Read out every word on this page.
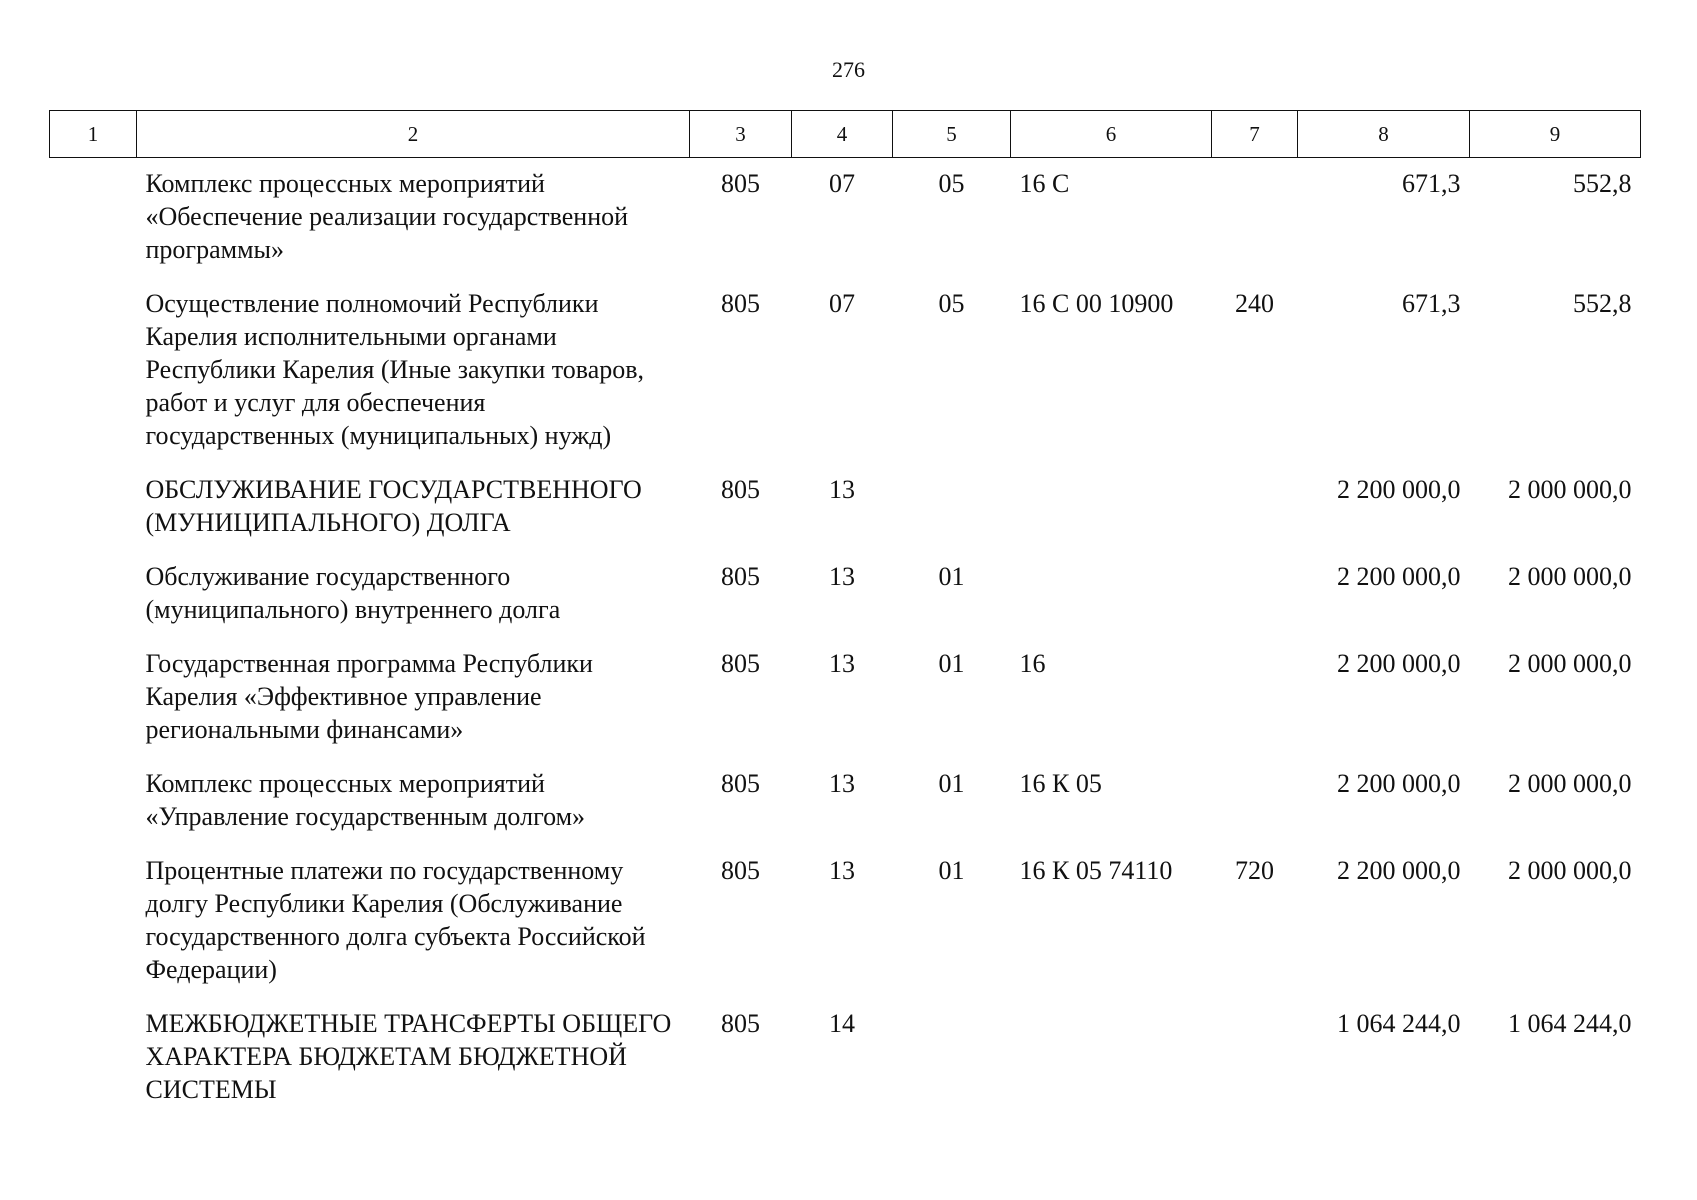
276
1	2	3	4	5	6	7	8	9
	Комплекс процессных мероприятий «Обеспечение реализации государственной программы»	805	07	05	16 С		671,3	552,8
	Осуществление полномочий Республики Карелия исполнительными органами Республики Карелия (Иные закупки товаров, работ и услуг для обеспечения государственных (муниципальных) нужд)	805	07	05	16 С 00 10900	240	671,3	552,8
	ОБСЛУЖИВАНИЕ ГОСУДАРСТВЕННОГО (МУНИЦИПАЛЬНОГО) ДОЛГА	805	13				2 200 000,0	2 000 000,0
	Обслуживание государственного (муниципального) внутреннего долга	805	13	01			2 200 000,0	2 000 000,0
	Государственная программа Республики Карелия «Эффективное управление региональными финансами»	805	13	01	16		2 200 000,0	2 000 000,0
	Комплекс процессных мероприятий «Управление государственным долгом»	805	13	01	16 К 05		2 200 000,0	2 000 000,0
	Процентные платежи по государственному долгу Республики Карелия (Обслуживание государственного долга субъекта Российской Федерации)	805	13	01	16 К 05 74110	720	2 200 000,0	2 000 000,0
	МЕЖБЮДЖЕТНЫЕ ТРАНСФЕРТЫ ОБЩЕГО ХАРАКТЕРА БЮДЖЕТАМ БЮДЖЕТНОЙ СИСТЕМЫ	805	14				1 064 244,0	1 064 244,0
